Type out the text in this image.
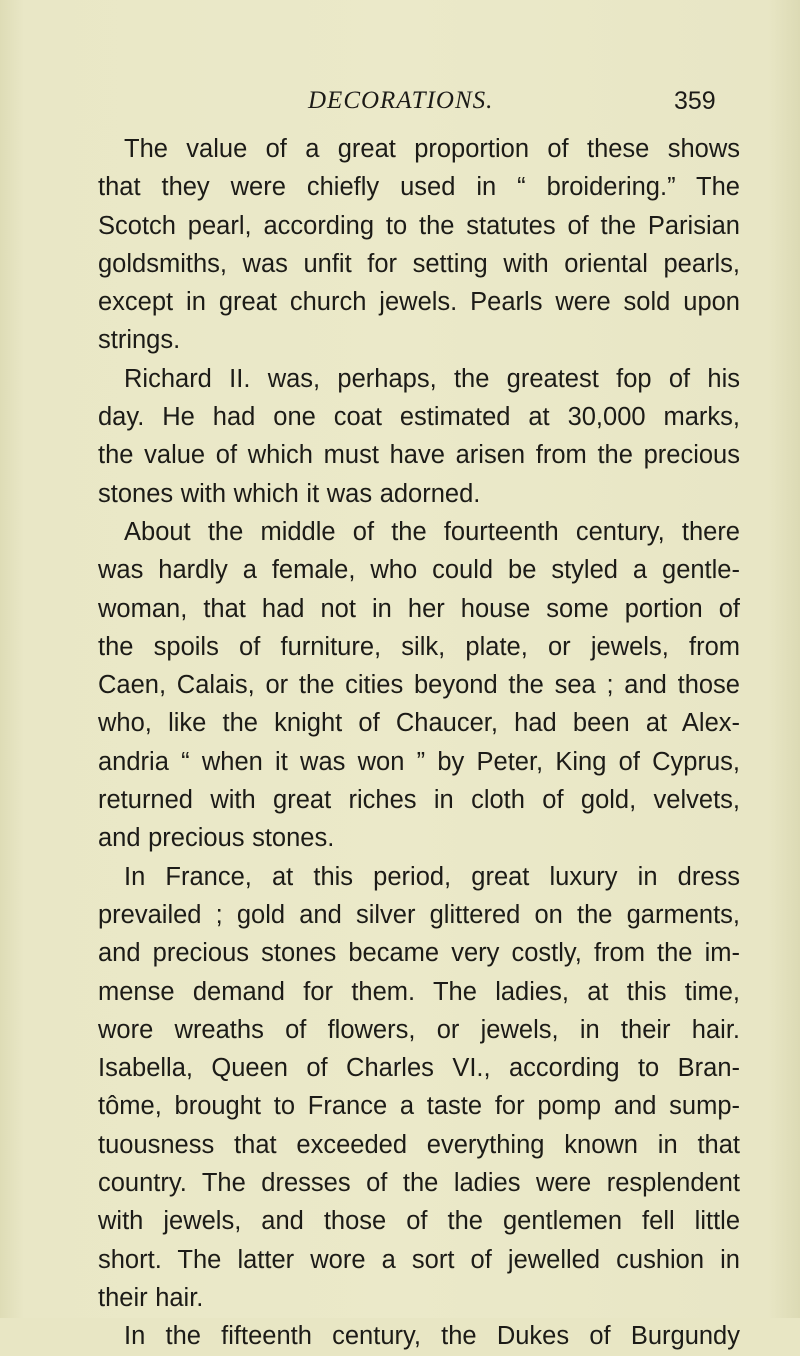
DECORATIONS.	359
The value of a great proportion of these shows
that they were chiefly used in “ broidering.” The
Scotch pearl, according to the statutes of the Parisian
goldsmiths, was unfit for setting with oriental pearls,
except in great church jewels. Pearls were sold upon
strings.
Richard II. was, perhaps, the greatest fop of his
day. He had one coat estimated at 30,000 marks,
the value of which must have arisen from the precious
stones with which it was adorned.
About the middle of the fourteenth century, there
was hardly a female, who could be styled a gentle-
woman, that had not in her house some portion of
the spoils of furniture, silk, plate, or jewels, from
Caen, Calais, or the cities beyond the sea ; and those
who, like the knight of Chaucer, had been at Alex-
andria “ when it was won ” by Peter, King of Cyprus,
returned with great riches in cloth of gold, velvets,
and precious stones.
In France, at this period, great luxury in dress
prevailed ; gold and silver glittered on the garments,
and precious stones became very costly, from the im-
mense demand for them. The ladies, at this time,
wore wreaths of flowers, or jewels, in their hair.
Isabella, Queen of Charles VI., according to Bran-
tôme, brought to France a taste for pomp and sump-
tuousness that exceeded everything known in that
country. The dresses of the ladies were resplendent
with jewels, and those of the gentlemen fell little
short. The latter wore a sort of jewelled cushion in
their hair.
In the fifteenth century, the Dukes of Burgundy
